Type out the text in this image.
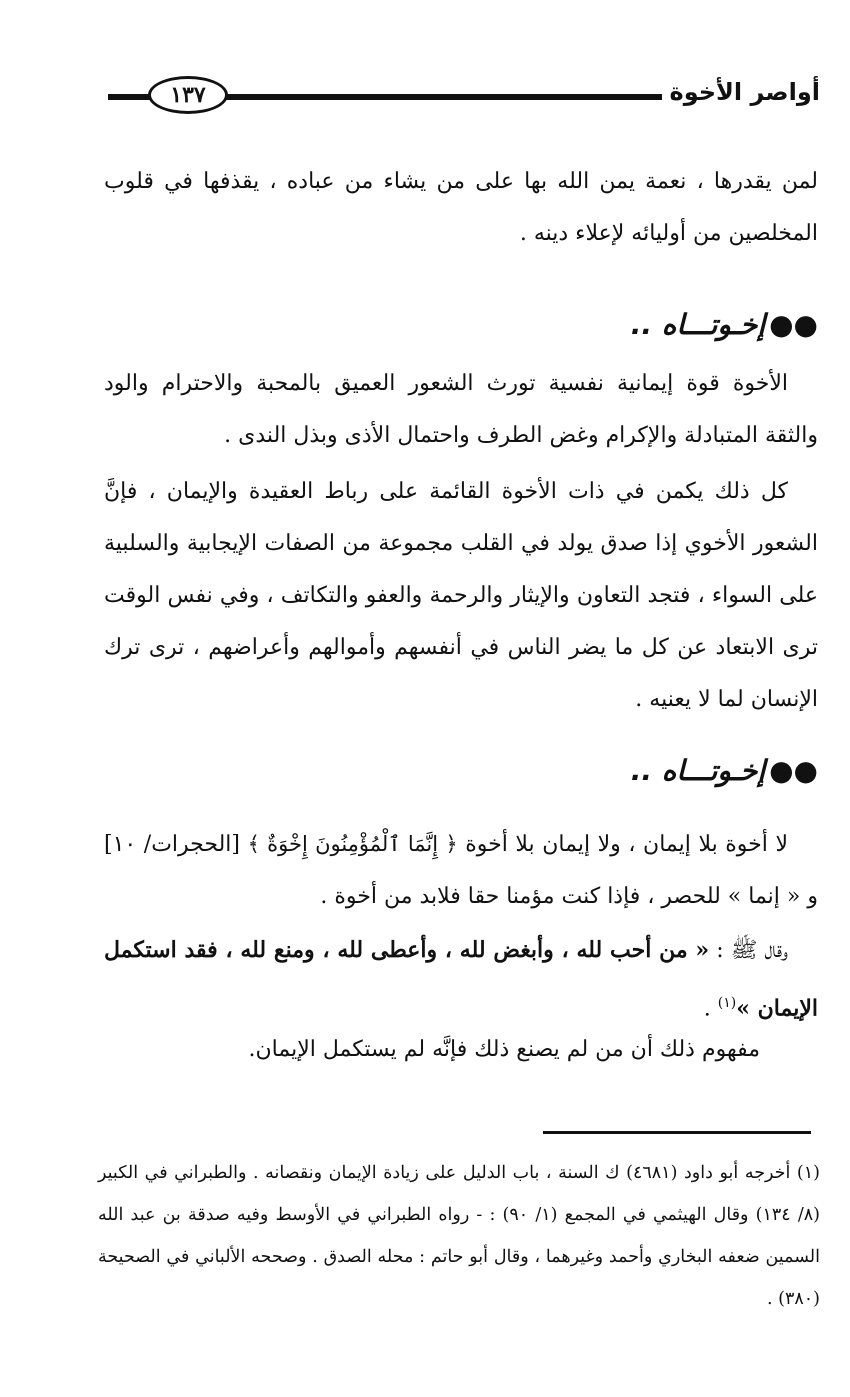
١٣٧	أواصر الأخوة

لمن يقدرها ، نعمة يمن الله بها على من يشاء من عباده ، يقذفها في قلوب المخلصين من أوليائه لإعلاء دينه .

●●إخـوتـــاه ..

الأخوة قوة إيمانية نفسية تورث الشعور العميق بالمحبة والاحترام والود والثقة المتبادلة والإكرام وغض الطرف واحتمال الأذى وبذل الندى .

كل ذلك يكمن في ذات الأخوة القائمة على رباط العقيدة والإيمان ، فإنَّ الشعور الأخوي إذا صدق يولد في القلب مجموعة من الصفات الإيجابية والسلبية على السواء ، فتجد التعاون والإيثار والرحمة والعفو والتكاتف ، وفي نفس الوقت ترى الابتعاد عن كل ما يضر الناس في أنفسهم وأموالهم وأعراضهم ، ترى ترك الإنسان لما لا يعنيه .

●●إخـوتـــاه ..

لا أخوة بلا إيمان ، ولا إيمان بلا أخوة ﴿ إِنَّمَا ٱلْمُؤْمِنُونَ إِخْوَةٌ ﴾ [الحجرات/ ١٠] و « إنما » للحصر ، فإذا كنت مؤمنا حقا فلابد من أخوة .

وقال ﷺ : « من أحب لله ، وأبغض لله ، وأعطى لله ، ومنع لله ، فقد استكمل الإيمان »$^{(١)}$ .

مفهوم ذلك أن من لم يصنع ذلك فإنَّه لم يستكمل الإيمان.

(١) أخرجه أبو داود (٤٦٨١) ك السنة ، باب الدليل على زيادة الإيمان ونقصانه . والطبراني في الكبير (٨/ ١٣٤) وقال الهيثمي في المجمع (١/ ٩٠) : - رواه الطبراني في الأوسط وفيه صدقة بن عبد الله السمين ضعفه البخاري وأحمد وغيرهما ، وقال أبو حاتم : محله الصدق . وصححه الألباني في الصحيحة (٣٨٠) .
